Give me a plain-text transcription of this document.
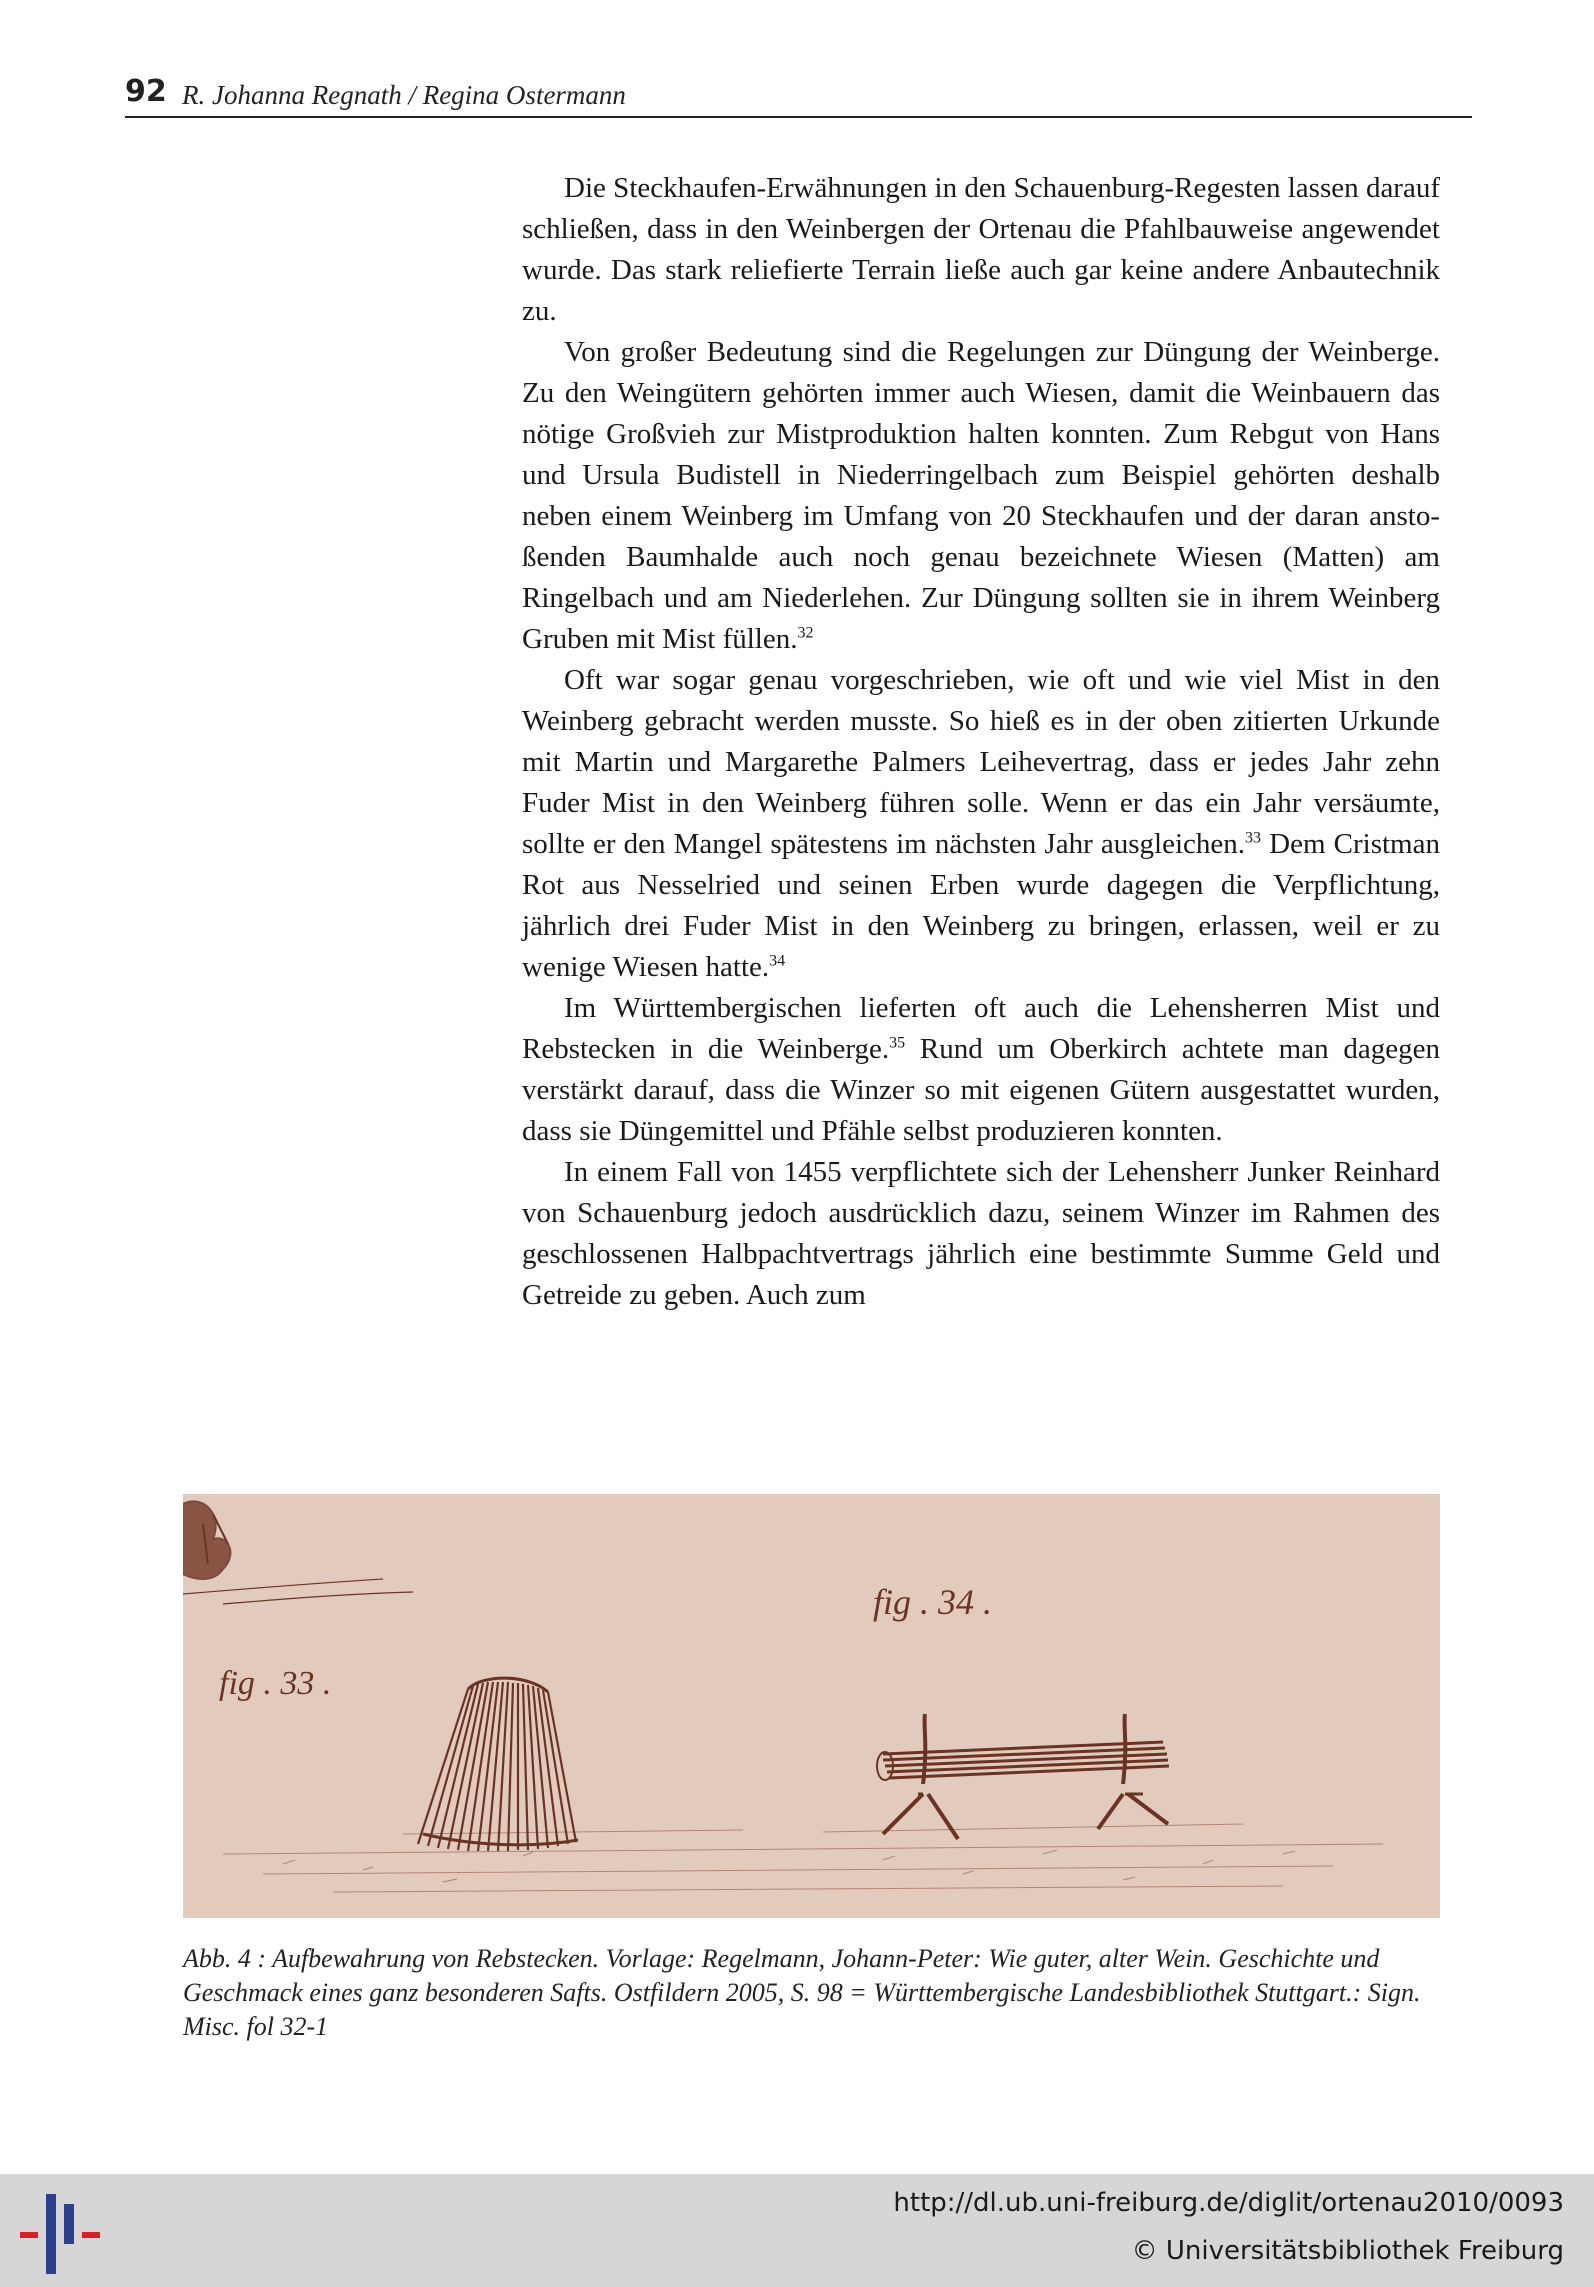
92 R. Johanna Regnath / Regina Ostermann

Die Steckhaufen-Erwähnungen in den Schauenburg-Regesten lassen darauf schließen, dass in den Weinbergen der Ortenau die Pfahlbauweise angewendet wurde. Das stark reliefierte Terrain ließe auch gar keine andere Anbautechnik zu.

Von großer Bedeutung sind die Regelungen zur Düngung der Weinberge. Zu den Weingütern gehörten immer auch Wiesen, damit die Weinbauern das nötige Großvieh zur Mistproduktion halten konnten. Zum Rebgut von Hans und Ursula Budistell in Niederringelbach zum Beispiel gehörten deshalb neben einem Weinberg im Umfang von 20 Steckhaufen und der daran anstoßenden Baumhalde auch noch genau bezeichnete Wiesen (Matten) am Ringelbach und am Niederlehen. Zur Düngung sollten sie in ihrem Weinberg Gruben mit Mist füllen.$^{32}$

Oft war sogar genau vorgeschrieben, wie oft und wie viel Mist in den Weinberg gebracht werden musste. So hieß es in der oben zitierten Urkunde mit Martin und Margarethe Palmers Leihevertrag, dass er jedes Jahr zehn Fuder Mist in den Weinberg führen solle. Wenn er das ein Jahr versäumte, sollte er den Mangel spätestens im nächsten Jahr ausgleichen.$^{33}$ Dem Cristman Rot aus Nesselried und seinen Erben wurde dagegen die Verpflichtung, jährlich drei Fuder Mist in den Weinberg zu bringen, erlassen, weil er zu wenige Wiesen hatte.$^{34}$

Im Württembergischen lieferten oft auch die Lehensherren Mist und Rebstecken in die Weinberge.$^{35}$ Rund um Oberkirch achtete man dagegen verstärkt darauf, dass die Winzer so mit eigenen Gütern ausgestattet wurden, dass sie Düngemittel und Pfähle selbst produzieren konnten.

In einem Fall von 1455 verpflichtete sich der Lehensherr Junker Reinhard von Schauenburg jedoch ausdrücklich dazu, seinem Winzer im Rahmen des geschlossenen Halbpachtvertrags jährlich eine bestimmte Summe Geld und Getreide zu geben. Auch zum

fig . 33 .
fig . 34 .
Abb. 4 : Aufbewahrung von Rebstecken. Vorlage: Regelmann, Johann-Peter: Wie guter, alter Wein. Geschichte und Geschmack eines ganz besonderen Safts. Ostfildern 2005, S. 98 = Württembergische Landesbibliothek Stuttgart.: Sign. Misc. fol 32-1
http://dl.ub.uni-freiburg.de/diglit/ortenau2010/0093
© Universitätsbibliothek Freiburg
